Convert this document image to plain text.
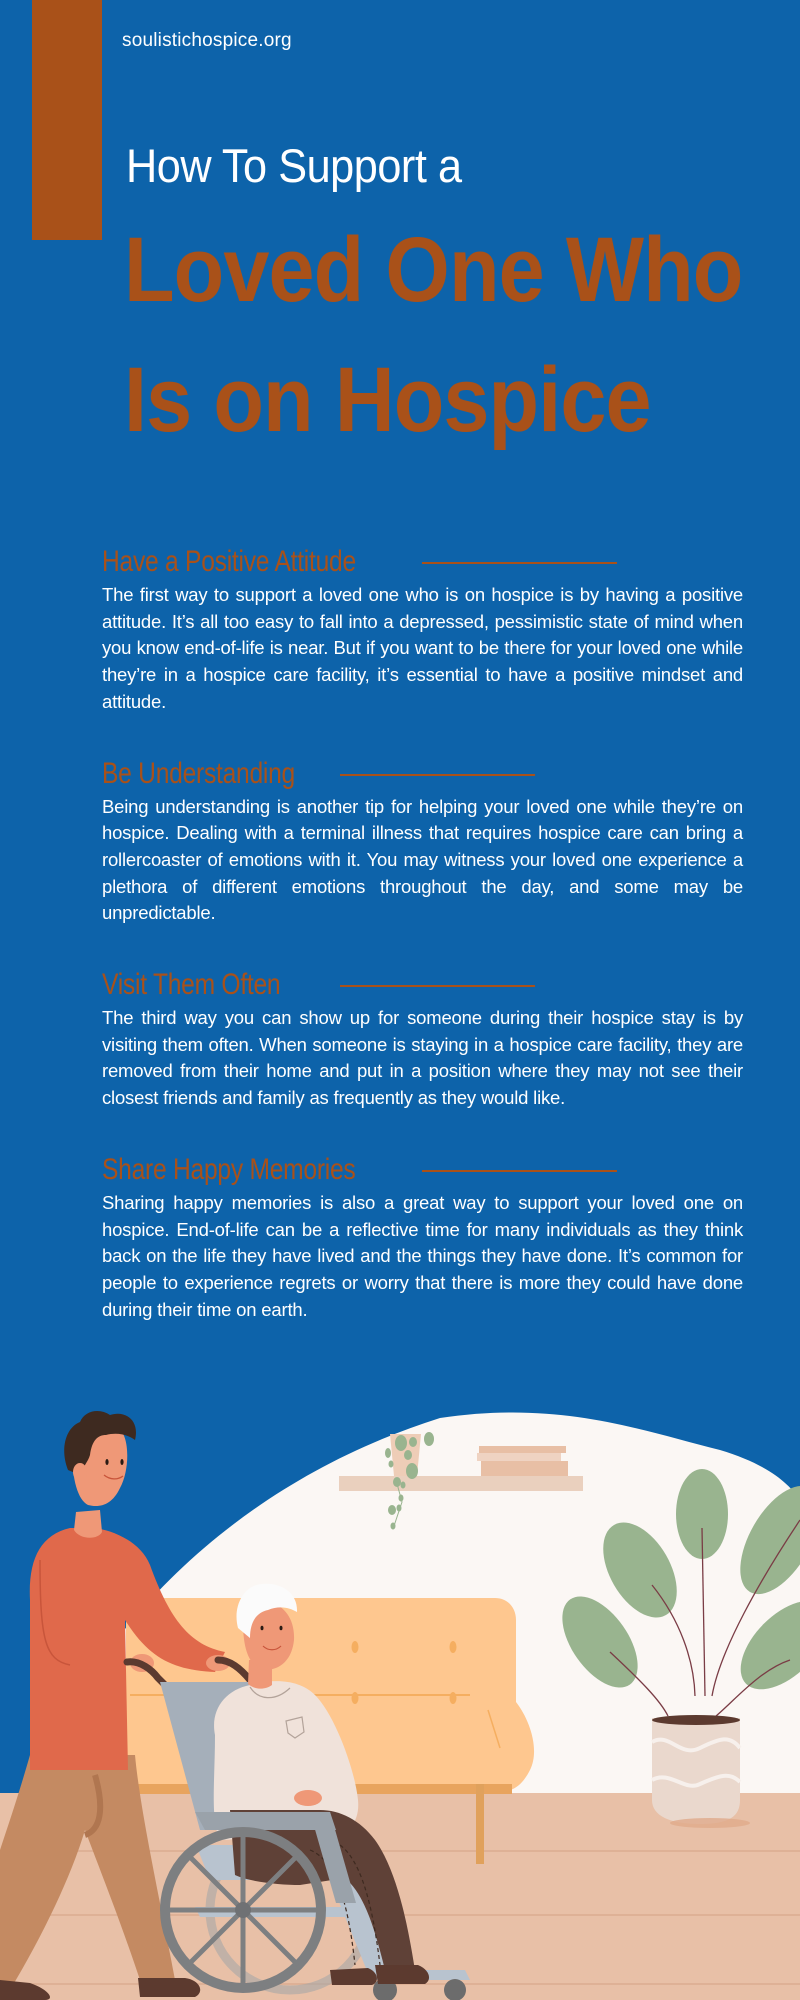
soulistichospice.org
How To Support a
Loved One Who
Is on Hospice
Have a Positive Attitude

The first way to support a loved one who is on hospice is by having a positive attitude. It’s all too easy to fall into a depressed, pessimistic state of mind when you know end-of-life is near. But if you want to be there for your loved one while they’re in a hospice care facility, it’s essential to have a positive mindset and attitude.

Be Understanding

Being understanding is another tip for helping your loved one while they’re on hospice. Dealing with a terminal illness that requires hospice care can bring a rollercoaster of emotions with it. You may witness your loved one experience a plethora of different emotions throughout the day, and some may be unpredictable.

Visit Them Often

The third way you can show up for someone during their hospice stay is by visiting them often. When someone is staying in a hospice care facility, they are removed from their home and put in a position where they may not see their closest friends and family as frequently as they would like.

Share Happy Memories

Sharing happy memories is also a great way to support your loved one on hospice. End-of-life can be a reflective time for many individuals as they think back on the life they have lived and the things they have done. It’s common for people to experience regrets or worry that there is more they could have done during their time on earth.
